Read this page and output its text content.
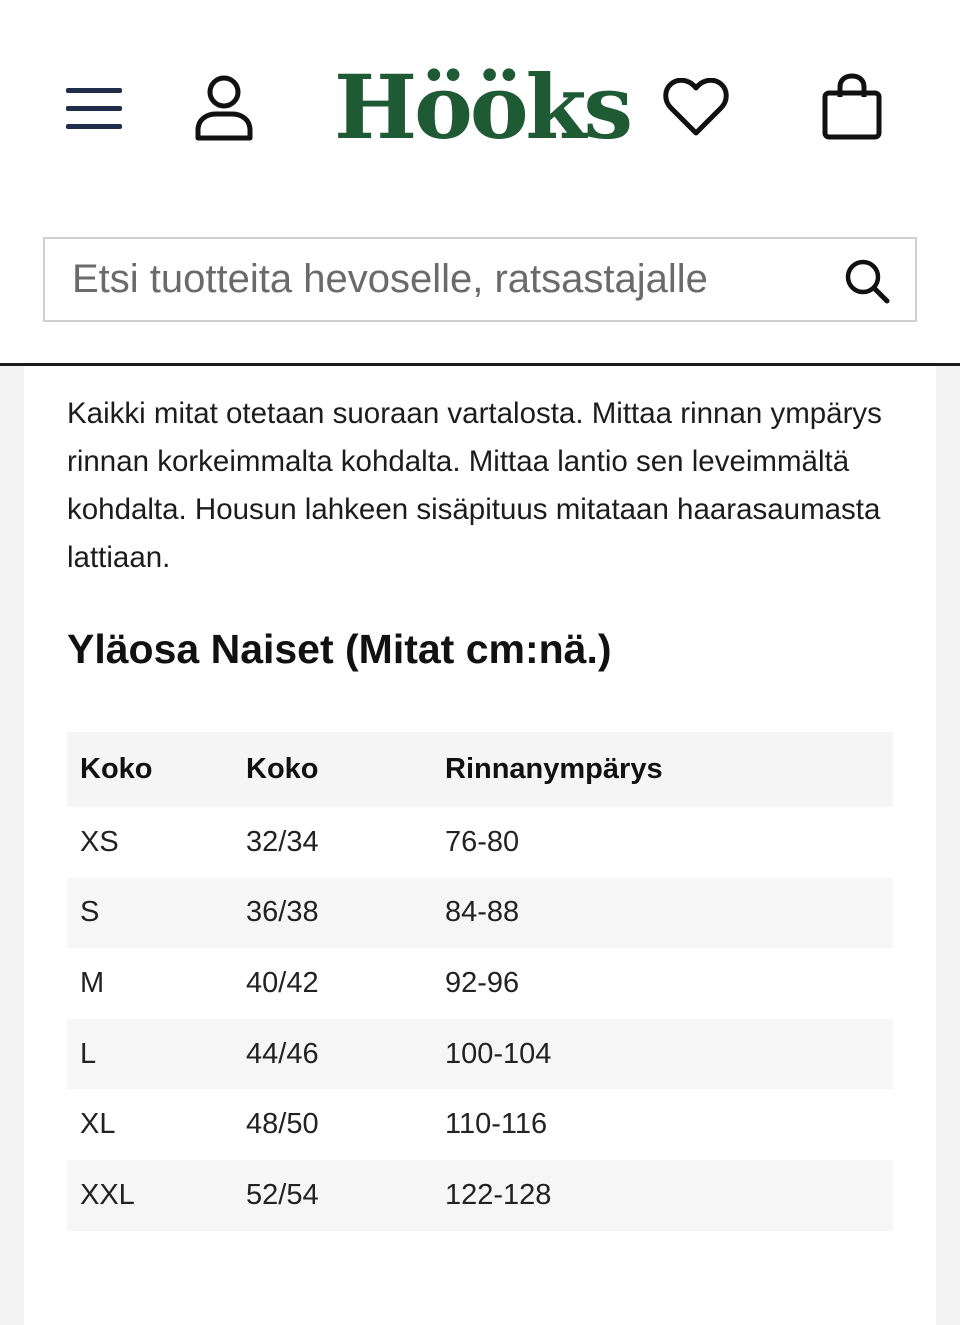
Hööks
Etsi tuotteita hevoselle, ratsastajalle

Kaikki mitat otetaan suoraan vartalosta. Mittaa rinnan ympärys rinnan korkeimmalta kohdalta. Mittaa lantio sen leveimmältä kohdalta. Housun lahkeen sisäpituus mitataan haarasaumasta lattiaan.

Yläosa Naiset (Mitat cm:nä.)
Koko	Koko	Rinnanympärys
XS	32/34	76-80
S	36/38	84-88
M	40/42	92-96
L	44/46	100-104
XL	48/50	110-116
XXL	52/54	122-128
